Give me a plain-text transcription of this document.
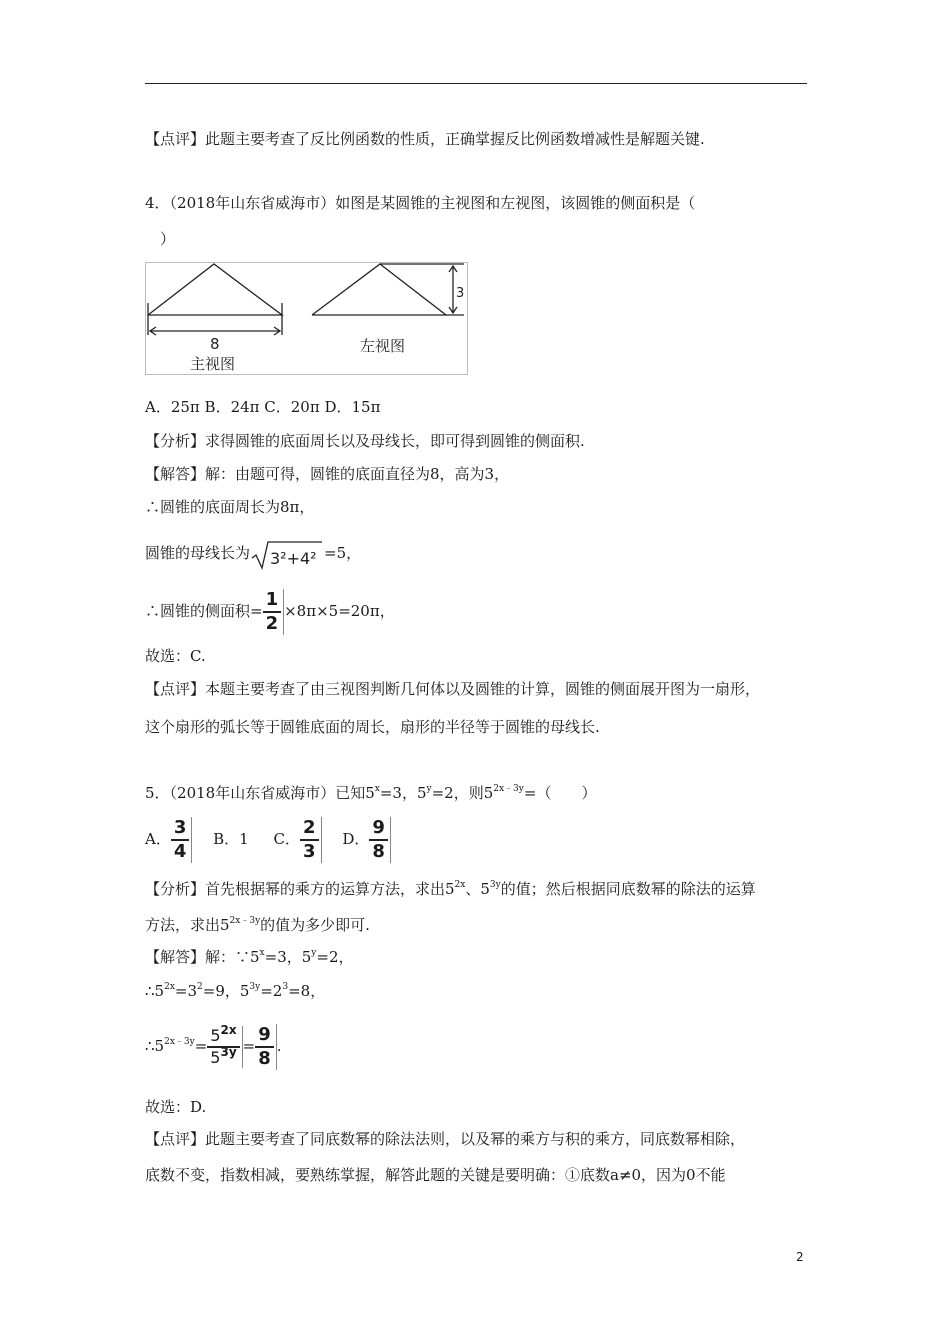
【点评】此题主要考查了反比例函数的性质，正确掌握反比例函数增减性是解题关键.
4．（2018年山东省威海市）如图是某圆锥的主视图和左视图，该圆锥的侧面积是（
）
8
主视图
3
左视图
A．25π B．24π C．20π D．15π
【分析】求得圆锥的底面周长以及母线长，即可得到圆锥的侧面积.
【解答】解：由题可得，圆锥的底面直径为8，高为3，
∴圆锥的底面周长为8π，
圆锥的母线长为 3²+4² =5，
∴圆锥的侧面积= $\frac{1}{2} \times 8\pi\times 5=20\pi$，
故选：C.
【点评】本题主要考查了由三视图判断几何体以及圆锥的计算，圆锥的侧面展开图为一扇形，
这个扇形的弧长等于圆锥底面的周长，扇形的半径等于圆锥的母线长.
5．（2018年山东省威海市）已知$5^x=3$，$5^y=2$，则$5^{2x﹣3y}=$（　　）
A． $\frac{3}{4}$ B．1 C． $\frac{2}{3}$ D． $\frac{9}{8}$
【分析】首先根据幂的乘方的运算方法，求出$5^{2x}$、$5^{3y}$的值；然后根据同底数幂的除法的运算
方法，求出$5^{2x﹣3y}$的值为多少即可.
【解答】解：$\because 5^x=3$，$5^y=2$，
$\therefore 5^{2x}=3^2=9$，$5^{3y}=2^3=8$，
$\therefore 5^{2x﹣3y}= \frac{5^{2x}}{5^{3y}} = \frac{9}{8}$ .
故选：D.
【点评】此题主要考查了同底数幂的除法法则，以及幂的乘方与积的乘方，同底数幂相除，
底数不变，指数相减，要熟练掌握，解答此题的关键是要明确：①底数a≠0，因为0不能
2
